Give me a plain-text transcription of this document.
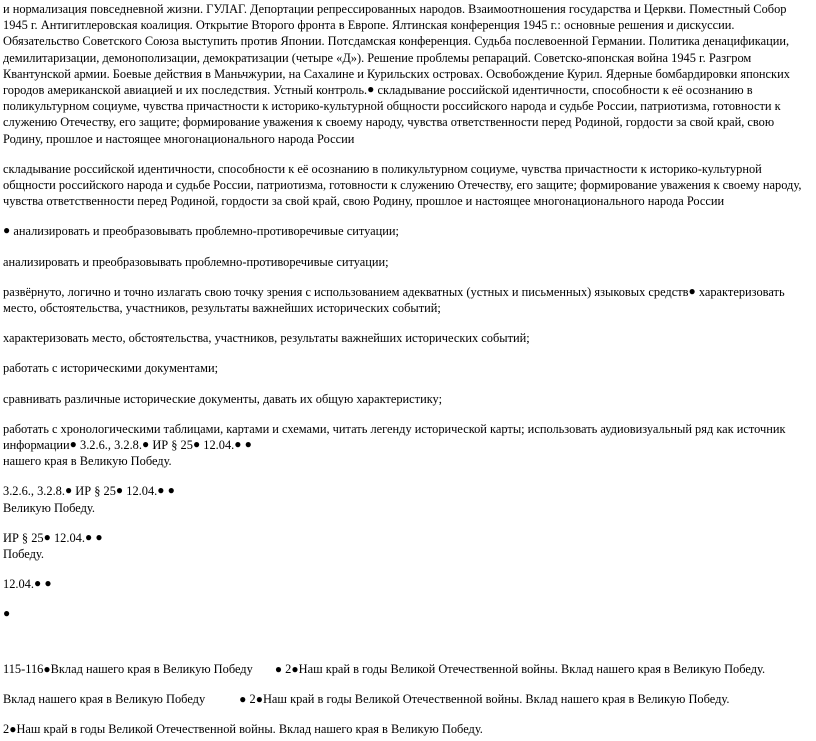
и нормализация повседневной жизни. ГУЛАГ. Депортации репрессированных народов. Взаимоотношения государства и Церкви. Поместный Собор 1945 г. Антигитлеровская коалиция. Открытие Второго фронта в Европе. Ялтинская конференция 1945 г.: основные решения и дискуссии. Обязательство Советского Союза выступить против Японии. Потсдамская конференция. Судьба послевоенной Германии. Политика денацификации, демилитаризации, демонополизации, демократизации (четыре «Д»). Решение проблемы репараций. Советско-японская война 1945 г. Разгром Квантунской армии. Боевые действия в Маньчжурии, на Сахалине и Курильских островах. Освобождение Курил. Ядерные бомбардировки японских городов американской авиацией и их последствия. Устный контроль.● складывание российской идентичности, способности к её осознанию в поликультурном социуме, чувства причастности к историко-культурной общности российского народа и судьбе России, патриотизма, готовности к служению Отечеству, его защите; формирование уважения к своему народу, чувства ответственности перед Родиной, гордости за свой край, свою Родину, прошлое и настоящее многонационального народа России
складывание российской идентичности, способности к её осознанию в поликультурном социуме, чувства причастности к историко-культурной общности российского народа и судьбе России, патриотизма, готовности к служению Отечеству, его защите; формирование уважения к своему народу, чувства ответственности перед Родиной, гордости за свой край, свою Родину, прошлое и настоящее многонационального народа России
● анализировать и преобразовывать проблемно-противоречивые ситуации;
анализировать и преобразовывать проблемно-противоречивые ситуации;
развёрнуто, логично и точно излагать свою точку зрения с использованием адекватных (устных и письменных) языковых средств● характеризовать место, обстоятельства, участников, результаты важнейших исторических событий;
характеризовать место, обстоятельства, участников, результаты важнейших исторических событий;
работать с историческими документами;
сравнивать различные исторические документы, давать их общую характеристику;
работать с хронологическими таблицами, картами и схемами, читать легенду исторической карты; использовать аудиовизуальный ряд как источник информации● 3.2.6., 3.2.8.● ИР § 25● 12.04.● ●
нашего края в Великую Победу.
3.2.6., 3.2.8.● ИР § 25● 12.04.● ●
Великую Победу.
ИР § 25● 12.04.● ●
Победу.
12.04.● ●
●
115-116 ● Вклад нашего края в Великую Победу ●
2 ● Наш край в годы Великой Отечественной войны. Вклад нашего края в Великую Победу.
Вклад нашего края в Великую Победу	●
2 ● Наш край в годы Великой Отечественной войны. Вклад нашего края в Великую Победу.
2 ● Наш край в годы Великой Отечественной войны. Вклад нашего края в Великую Победу.
